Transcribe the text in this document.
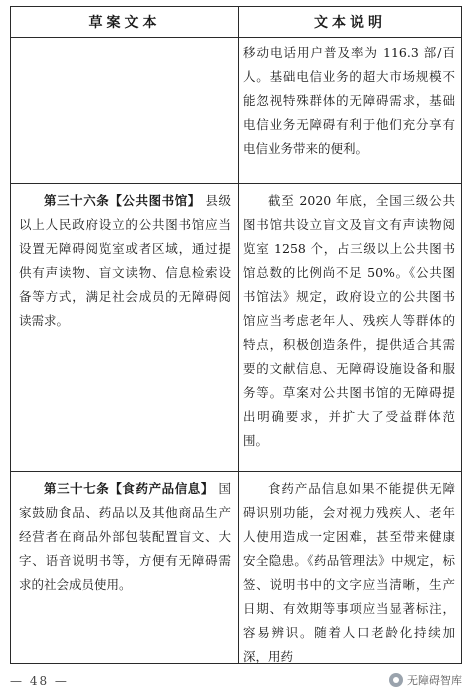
草案文本	文本说明

移动电话用户普及率为 116.3 部/百人。基础电信业务的超大市场规模不能忽视特殊群体的无障碍需求，基础电信业务无障碍有利于他们充分享有电信业务带来的便利。

第三十六条【公共图书馆】 县级以上人民政府设立的公共图书馆应当设置无障碍阅览室或者区域，通过提供有声读物、盲文读物、信息检索设备等方式，满足社会成员的无障碍阅读需求。

截至 2020 年底，全国三级公共图书馆共设立盲文及盲文有声读物阅览室 1258 个，占三级以上公共图书馆总数的比例尚不足 50%。《公共图书馆法》规定，政府设立的公共图书馆应当考虑老年人、残疾人等群体的特点，积极创造条件，提供适合其需要的文献信息、无障碍设施设备和服务等。草案对公共图书馆的无障碍提出明确要求，并扩大了受益群体范围。

第三十七条【食药产品信息】 国家鼓励食品、药品以及其他商品生产经营者在商品外部包装配置盲文、大字、语音说明书等，方便有无障碍需求的社会成员使用。

食药产品信息如果不能提供无障碍识别功能，会对视力残疾人、老年人使用造成一定困难，甚至带来健康安全隐患。《药品管理法》中规定，标签、说明书中的文字应当清晰，生产日期、有效期等事项应当显著标注，容易辨识。随着人口老龄化持续加深，用药

— 48 —	无障碍智库
